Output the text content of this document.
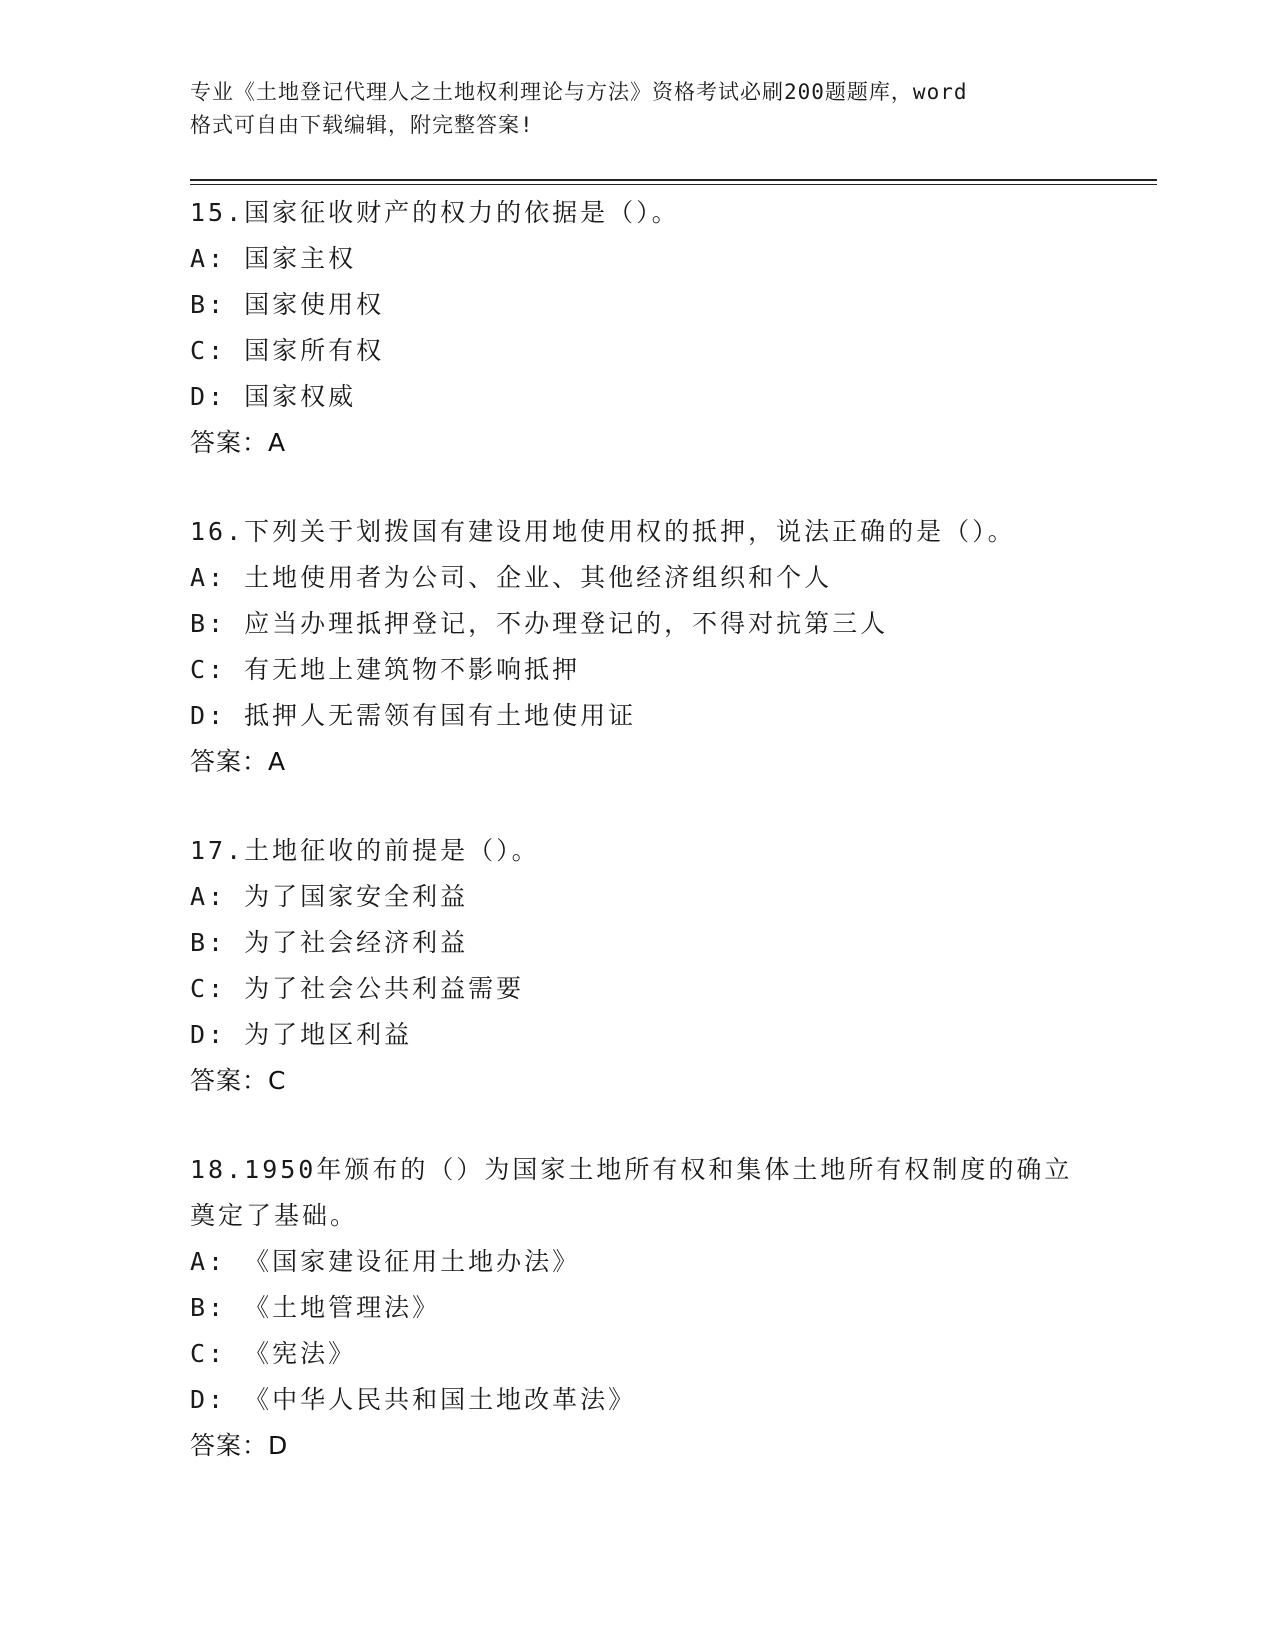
专业《土地登记代理人之土地权利理论与方法》资格考试必刷200题题库，word
格式可自由下载编辑，附完整答案!
15.国家征收财产的权力的依据是（）。
A: 国家主权
B: 国家使用权
C: 国家所有权
D: 国家权威
答案：A
16.下列关于划拨国有建设用地使用权的抵押，说法正确的是（）。
A: 土地使用者为公司、企业、其他经济组织和个人
B: 应当办理抵押登记，不办理登记的，不得对抗第三人
C: 有无地上建筑物不影响抵押
D: 抵押人无需领有国有土地使用证
答案：A
17.土地征收的前提是（）。
A: 为了国家安全利益
B: 为了社会经济利益
C: 为了社会公共利益需要
D: 为了地区利益
答案：C
18.1950年颁布的（）为国家土地所有权和集体土地所有权制度的确立
奠定了基础。
A: 《国家建设征用土地办法》
B: 《土地管理法》
C: 《宪法》
D: 《中华人民共和国土地改革法》
答案：D
